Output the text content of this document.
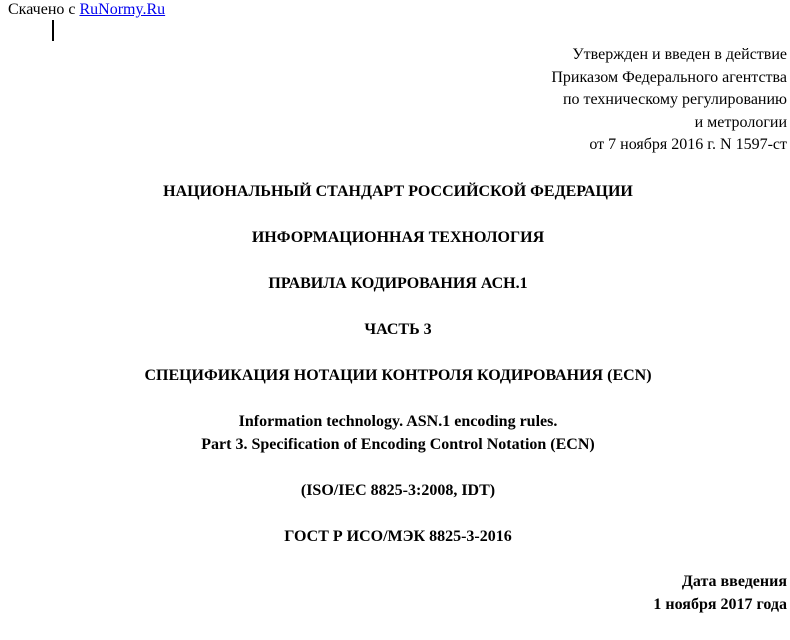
Скачено с RuNormy.Ru
Утвержден и введен в действие
Приказом Федерального агентства
по техническому регулированию
и метрологии
от 7 ноября 2016 г. N 1597-ст
НАЦИОНАЛЬНЫЙ СТАНДАРТ РОССИЙСКОЙ ФЕДЕРАЦИИ
ИНФОРМАЦИОННАЯ ТЕХНОЛОГИЯ
ПРАВИЛА КОДИРОВАНИЯ АСН.1
ЧАСТЬ 3
СПЕЦИФИКАЦИЯ НОТАЦИИ КОНТРОЛЯ КОДИРОВАНИЯ (ECN)
Information technology. ASN.1 encoding rules.
Part 3. Specification of Encoding Control Notation (ECN)
(ISO/IEC 8825-3:2008, IDT)
ГОСТ Р ИСО/МЭК 8825-3-2016
Дата введения
1 ноября 2017 года
